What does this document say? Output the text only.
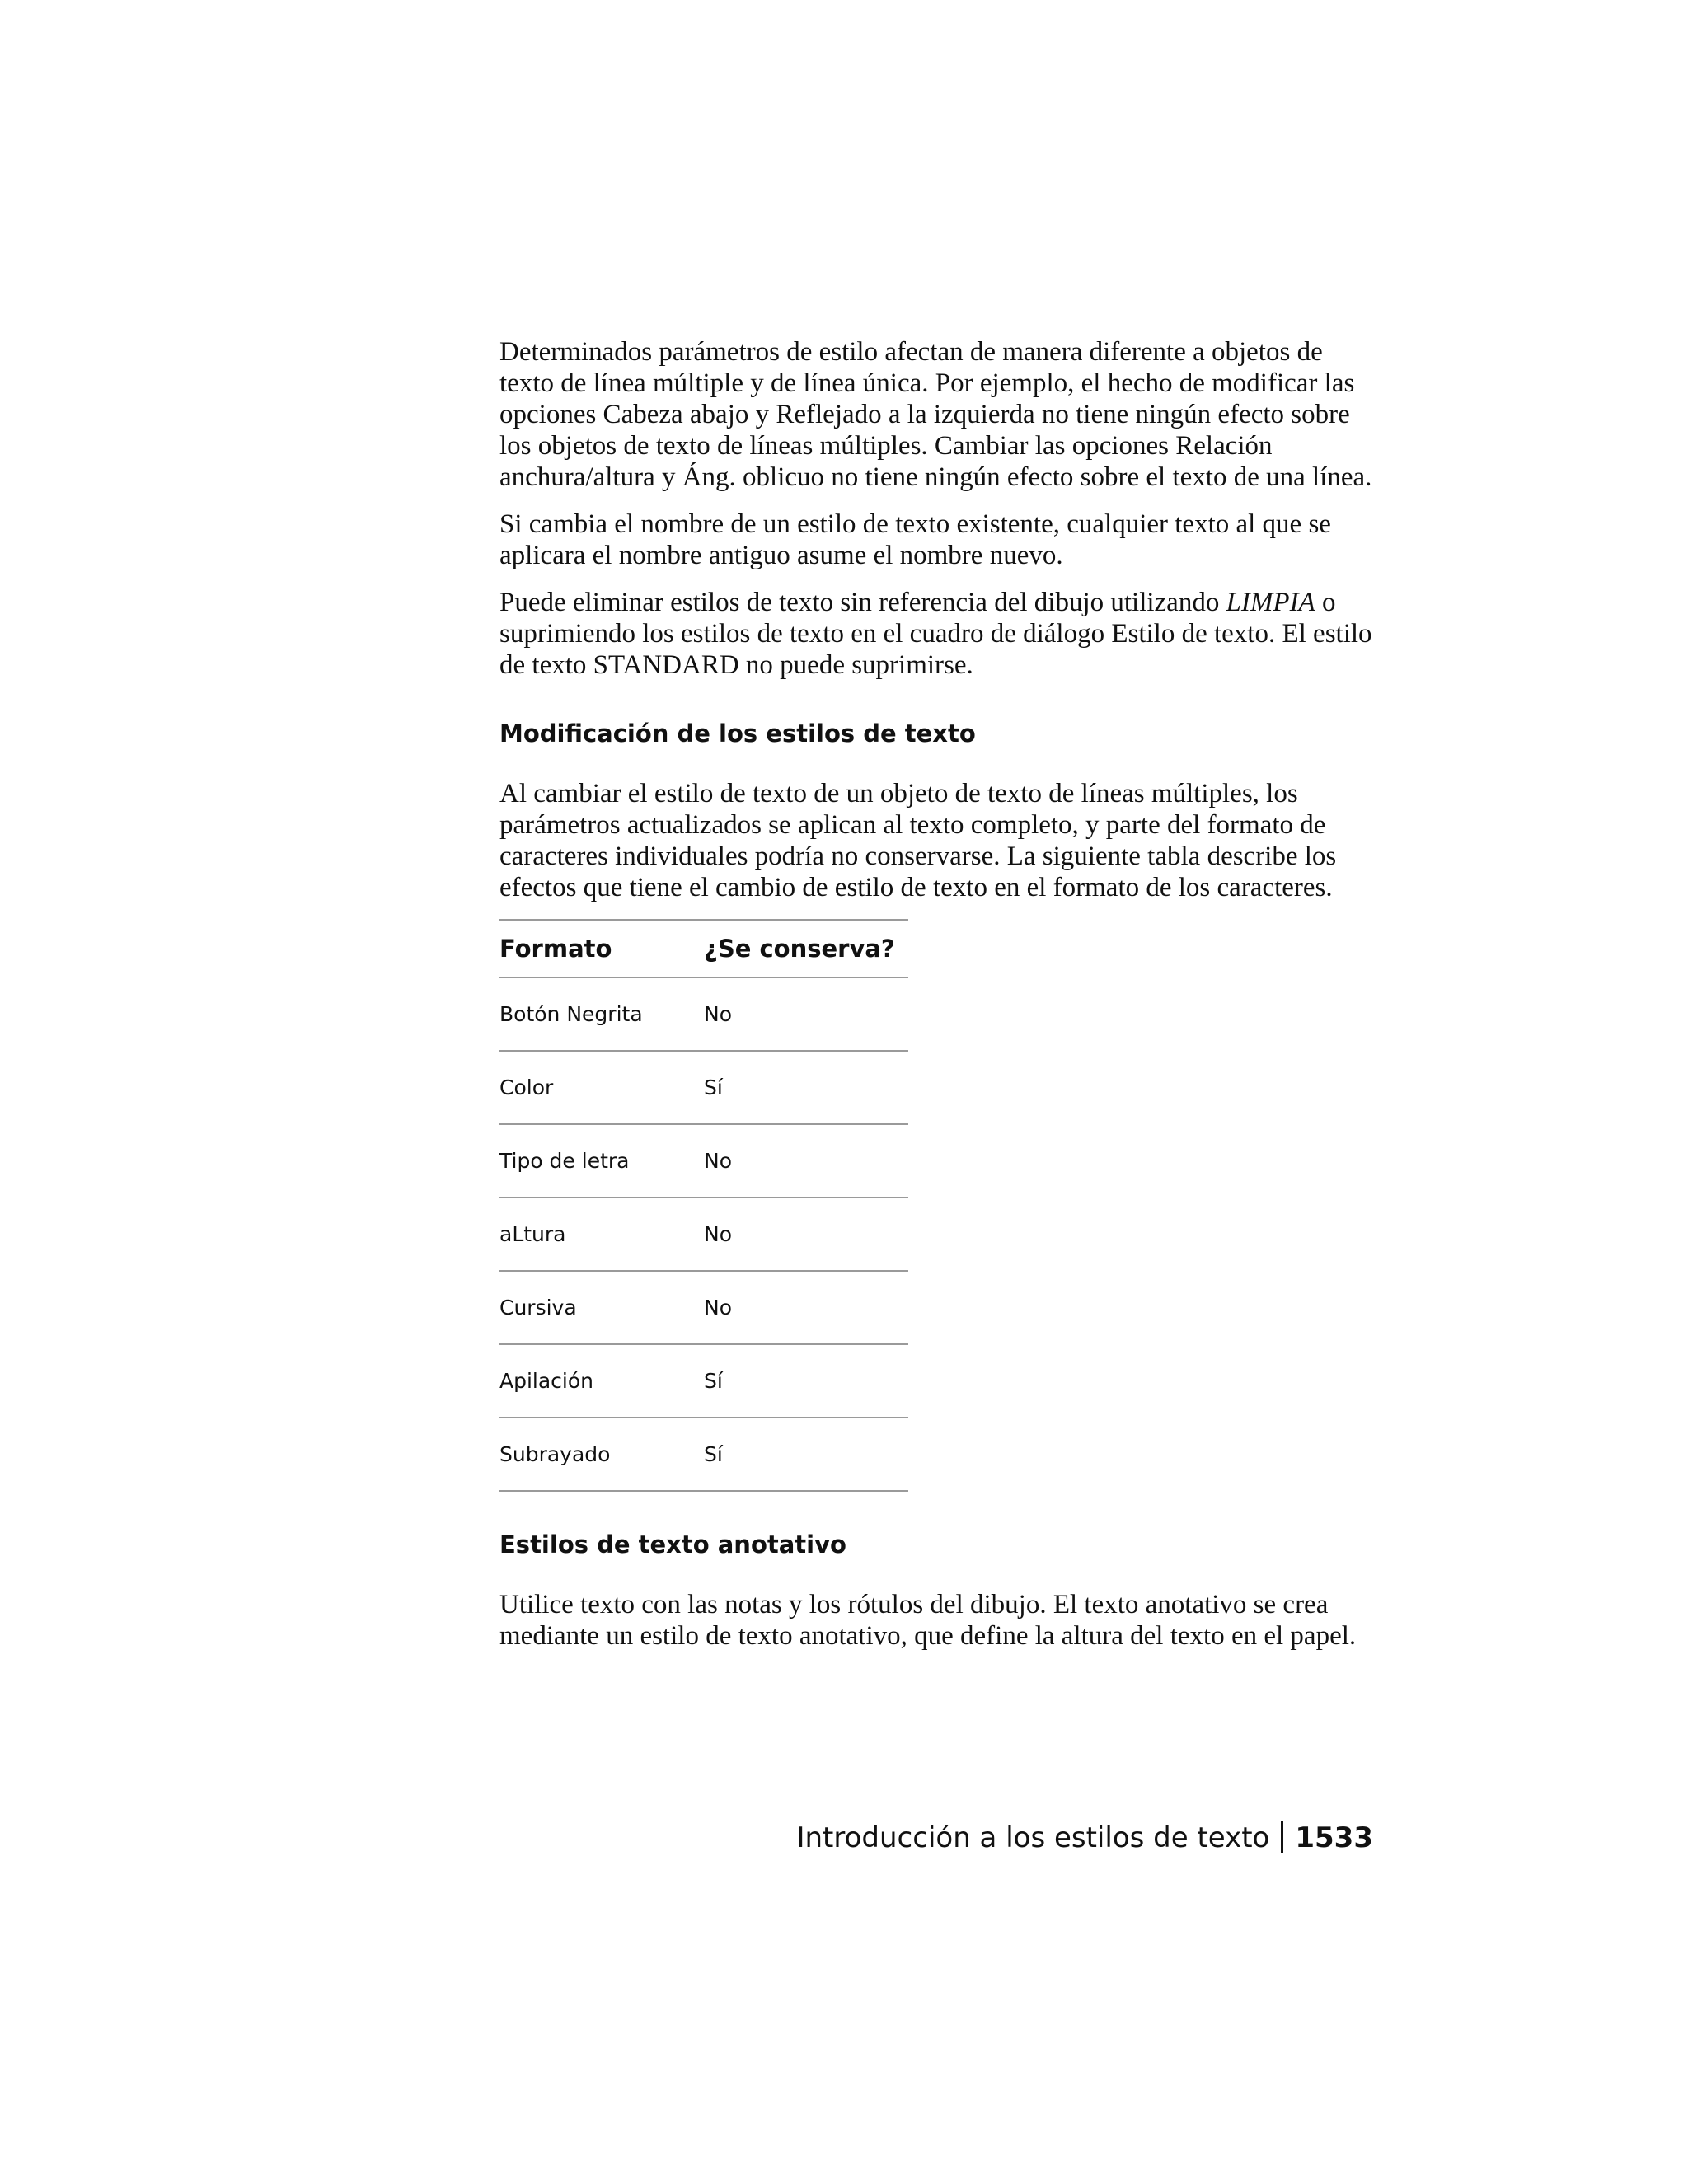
Determinados parámetros de estilo afectan de manera diferente a objetos de texto de línea múltiple y de línea única. Por ejemplo, el hecho de modificar las opciones Cabeza abajo y Reflejado a la izquierda no tiene ningún efecto sobre los objetos de texto de líneas múltiples. Cambiar las opciones Relación anchura/altura y Áng. oblicuo no tiene ningún efecto sobre el texto de una línea.

Si cambia el nombre de un estilo de texto existente, cualquier texto al que se aplicara el nombre antiguo asume el nombre nuevo.

Puede eliminar estilos de texto sin referencia del dibujo utilizando LIMPIA o suprimiendo los estilos de texto en el cuadro de diálogo Estilo de texto. El estilo de texto STANDARD no puede suprimirse.

Modificación de los estilos de texto

Al cambiar el estilo de texto de un objeto de texto de líneas múltiples, los parámetros actualizados se aplican al texto completo, y parte del formato de caracteres individuales podría no conservarse. La siguiente tabla describe los efectos que tiene el cambio de estilo de texto en el formato de los caracteres.

Formato	¿Se conserva?
Botón Negrita	No
Color	Sí
Tipo de letra	No
aLtura	No
Cursiva	No
Apilación	Sí
Subrayado	Sí
Estilos de texto anotativo

Utilice texto con las notas y los rótulos del dibujo. El texto anotativo se crea mediante un estilo de texto anotativo, que define la altura del texto en el papel.

Introducción a los estilos de texto 1533
